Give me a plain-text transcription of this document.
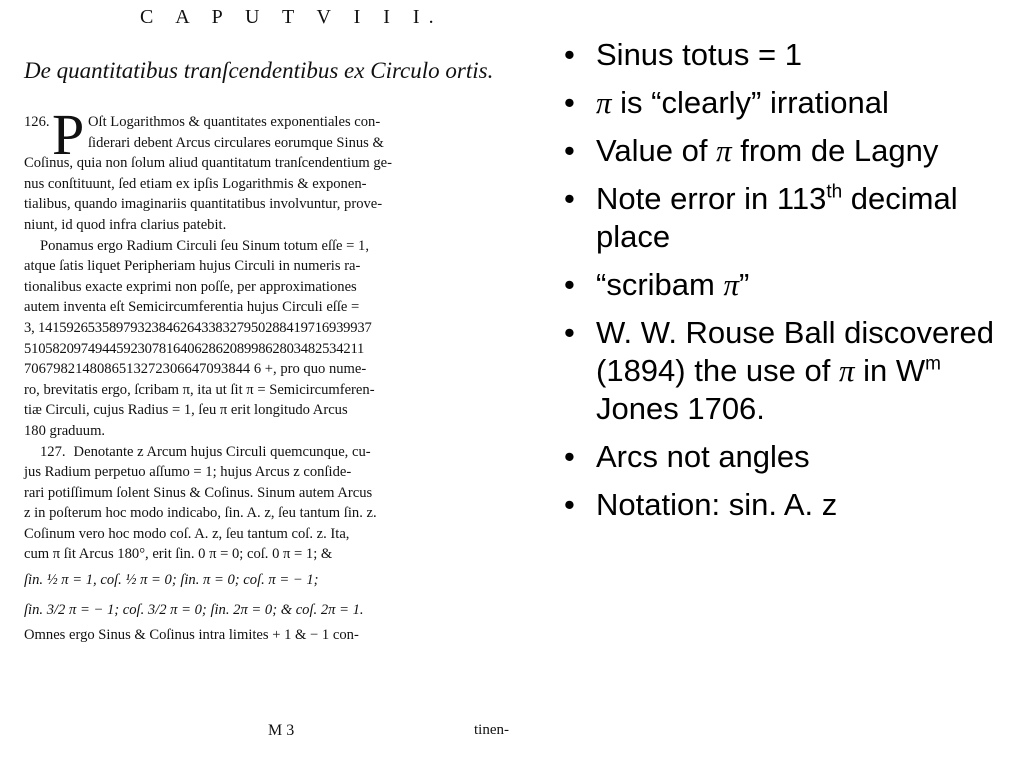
C A P U T V I I I.
De quantitatibus tranſcendentibus ex Circulo ortis.
P
126.	Oſt Logarithmos & quantitates exponentiales con-
ſiderari debent Arcus circulares eorumque Sinus &
Coſinus, quia non ſolum aliud quantitatum tranſcendentium ge-
nus conſtituunt, ſed etiam ex ipſis Logarithmis & exponen-
tialibus, quando imaginariis quantitatibus involvuntur, prove-
niunt, id quod infra clarius patebit.
Ponamus ergo Radium Circuli ſeu Sinum totum eſſe = 1,
atque ſatis liquet Peripheriam hujus Circuli in numeris ra-
tionalibus exacte exprimi non poſſe, per approximationes
autem inventa eſt Semicircumferentia hujus Circuli eſſe =
3, 14159265358979323846264338327950288419716939937
510582097494459230781640628620899862803482534211
7067982148086513272306647093844 6 +, pro quo nume-
ro, brevitatis ergo, ſcribam π, ita ut ſit π = Semicircumferen-
tiæ Circuli, cujus Radius = 1, ſeu π erit longitudo Arcus
180 graduum.
127. Denotante z Arcum hujus Circuli quemcunque, cu-
jus Radium perpetuo aſſumo = 1; hujus Arcus z conſide-
rari potiſſimum ſolent Sinus & Coſinus. Sinum autem Arcus
z in poſterum hoc modo indicabo, ſin. A. z, ſeu tantum ſin. z.
Coſinum vero hoc modo coſ. A. z, ſeu tantum coſ. z. Ita,
cum π ſit Arcus 180°, erit ſin. 0 π = 0; coſ. 0 π = 1; &
ſin. ½ π = 1, coſ. ½ π = 0; ſin. π = 0; coſ. π = − 1;
ſin. 3/2 π = − 1; coſ. 3/2 π = 0; ſin. 2π = 0; & coſ. 2π = 1.
Omnes ergo Sinus & Coſinus intra limites + 1 & − 1 con-
M 3	tinen-
• Sinus totus = 1
• π is “clearly” irrational
• Value of π from de Lagny
• Note error in 113th decimal place
• “scribam π”
• W. W. Rouse Ball discovered (1894) the use of π in $W^m$ Jones 1706.
• Arcs not angles
• Notation: sin. A. z
